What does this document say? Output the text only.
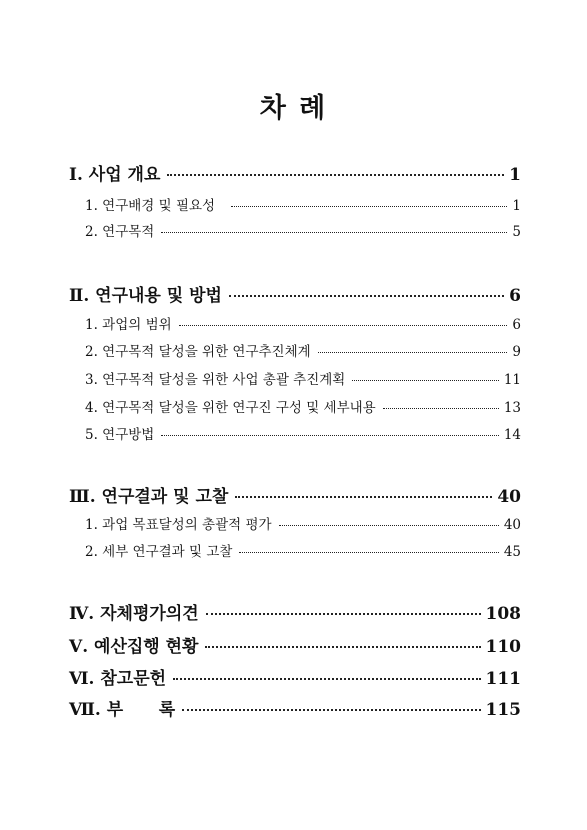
차 례
Ⅰ. 사업 개요	1
1. 연구배경 및 필요성	1
2. 연구목적	5
Ⅱ. 연구내용 및 방법	6
1. 과업의 범위	6
2. 연구목적 달성을 위한 연구추진체계	9
3. 연구목적 달성을 위한 사업 총괄 추진계획	11
4. 연구목적 달성을 위한 연구진 구성 및 세부내용	13
5. 연구방법	14
Ⅲ. 연구결과 및 고찰	40
1. 과업 목표달성의 총괄적 평가	40
2. 세부 연구결과 및 고찰	45
Ⅳ. 자체평가의견	108
Ⅴ. 예산집행 현황	110
Ⅵ. 참고문헌	111
Ⅶ. 부      록	115
